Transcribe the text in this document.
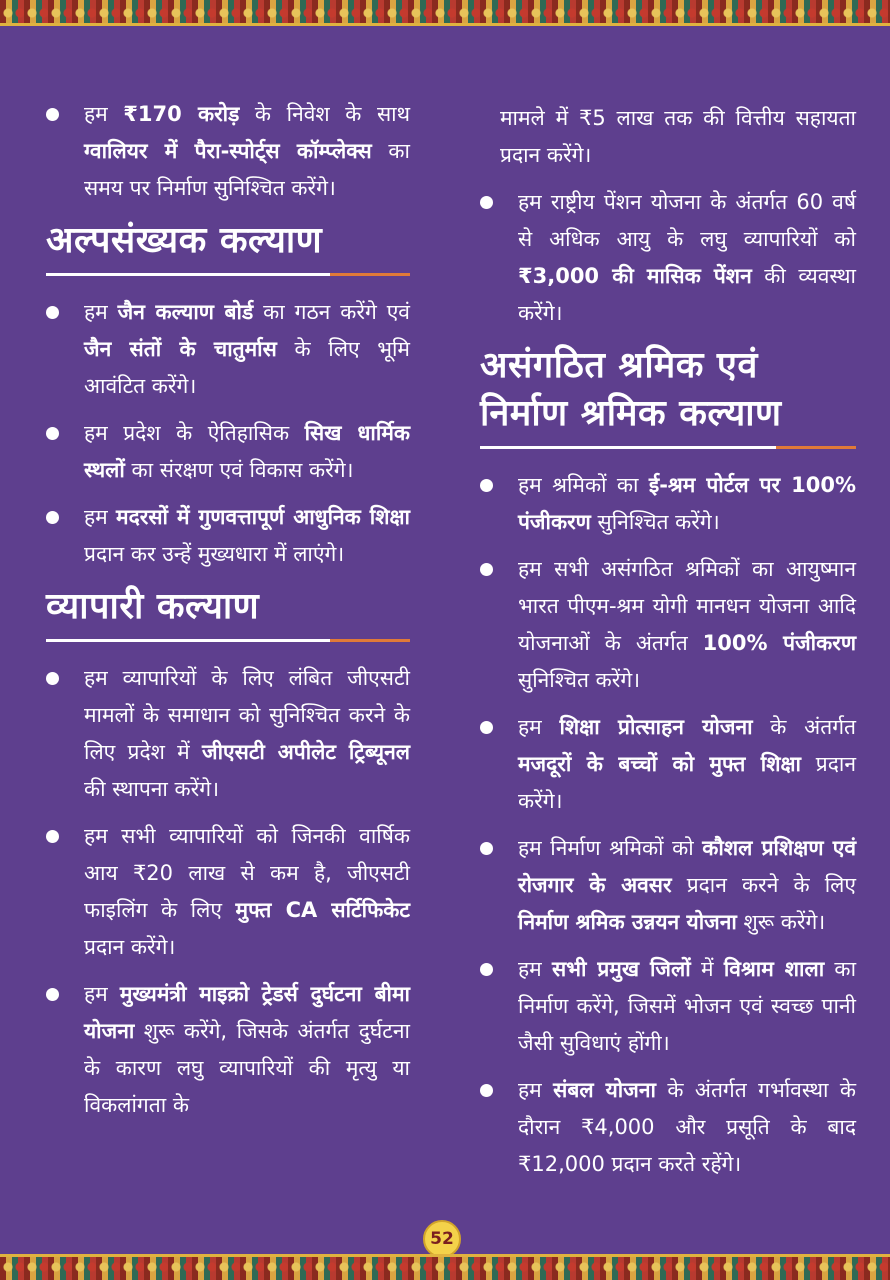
हम ₹170 करोड़ के निवेश के साथ ग्वालियर में पैरा-स्पोर्ट्स कॉम्प्लेक्स का समय पर निर्माण सुनिश्चित करेंगे।
अल्पसंख्यक कल्याण
हम जैन कल्याण बोर्ड का गठन करेंगे एवं जैन संतों के चातुर्मास के लिए भूमि आवंटित करेंगे।
हम प्रदेश के ऐतिहासिक सिख धार्मिक स्थलों का संरक्षण एवं विकास करेंगे।
हम मदरसों में गुणवत्तापूर्ण आधुनिक शिक्षा प्रदान कर उन्हें मुख्यधारा में लाएंगे।
व्यापारी कल्याण
हम व्यापारियों के लिए लंबित जीएसटी मामलों के समाधान को सुनिश्चित करने के लिए प्रदेश में जीएसटी अपीलेट ट्रिब्यूनल की स्थापना करेंगे।
हम सभी व्यापारियों को जिनकी वार्षिक आय ₹20 लाख से कम है, जीएसटी फाइलिंग के लिए मुफ्त CA सर्टिफिकेट प्रदान करेंगे।
हम मुख्यमंत्री माइक्रो ट्रेडर्स दुर्घटना बीमा योजना शुरू करेंगे, जिसके अंतर्गत दुर्घटना के कारण लघु व्यापारियों की मृत्यु या विकलांगता के
मामले में ₹5 लाख तक की वित्तीय सहायता प्रदान करेंगे।
हम राष्ट्रीय पेंशन योजना के अंतर्गत 60 वर्ष से अधिक आयु के लघु व्यापारियों को ₹3,000 की मासिक पेंशन की व्यवस्था करेंगे।
असंगठित श्रमिक एवं
निर्माण श्रमिक कल्याण
हम श्रमिकों का ई-श्रम पोर्टल पर 100% पंजीकरण सुनिश्चित करेंगे।
हम सभी असंगठित श्रमिकों का आयुष्मान भारत पीएम-श्रम योगी मानधन योजना आदि योजनाओं के अंतर्गत 100% पंजीकरण सुनिश्चित करेंगे।
हम शिक्षा प्रोत्साहन योजना के अंतर्गत मजदूरों के बच्चों को मुफ्त शिक्षा प्रदान करेंगे।
हम निर्माण श्रमिकों को कौशल प्रशिक्षण एवं रोजगार के अवसर प्रदान करने के लिए निर्माण श्रमिक उन्नयन योजना शुरू करेंगे।
हम सभी प्रमुख जिलों में विश्राम शाला का निर्माण करेंगे, जिसमें भोजन एवं स्वच्छ पानी जैसी सुविधाएं होंगी।
हम संबल योजना के अंतर्गत गर्भावस्था के दौरान ₹4,000 और प्रसूति के बाद ₹12,000 प्रदान करते रहेंगे।
52
